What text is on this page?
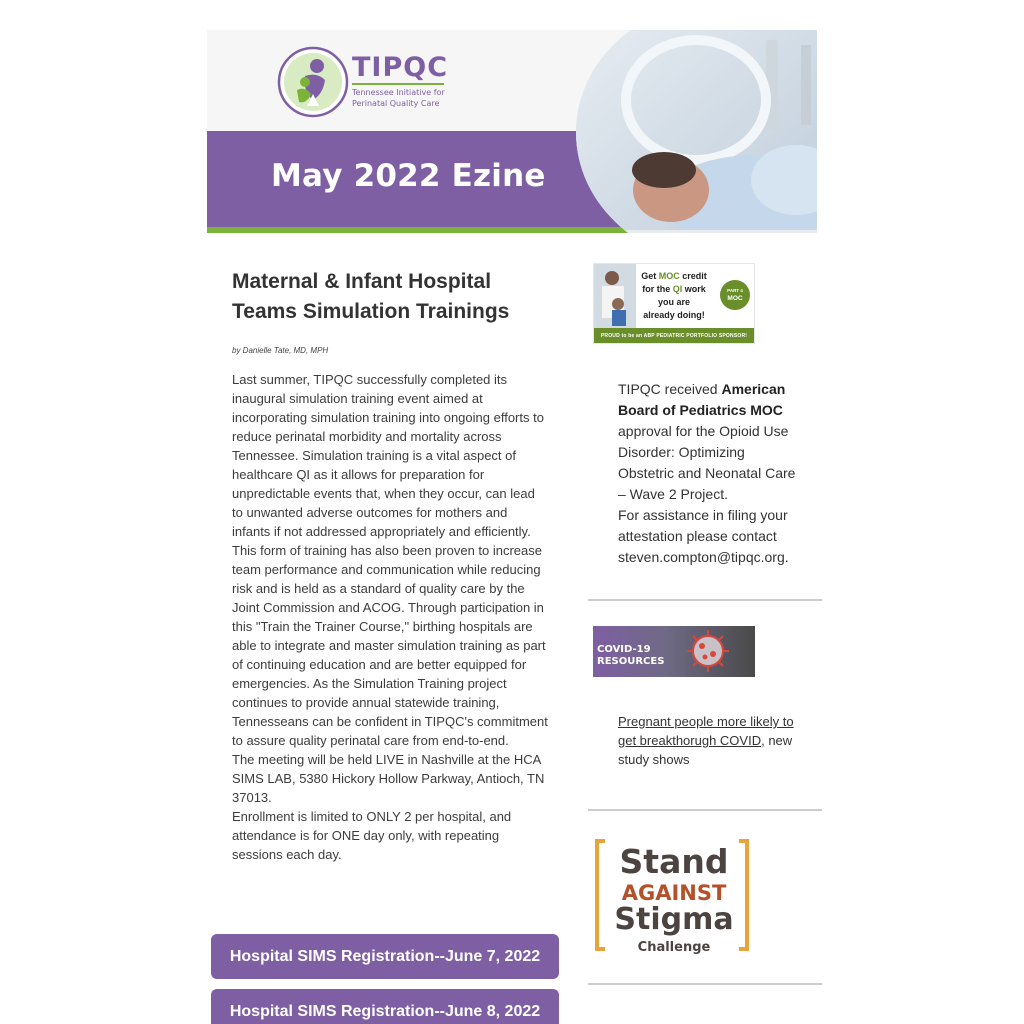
TIPQC
Tennessee Initiative for Perinatal Quality Care
May 2022 Ezine
Maternal & Infant Hospital Teams Simulation Trainings
by Danielle Tate, MD, MPH

Last summer, TIPQC successfully completed its inaugural simulation training event aimed at incorporating simulation training into ongoing efforts to reduce perinatal morbidity and mortality across Tennessee. Simulation training is a vital aspect of healthcare QI as it allows for preparation for unpredictable events that, when they occur, can lead to unwanted adverse outcomes for mothers and infants if not addressed appropriately and efficiently. This form of training has also been proven to increase team performance and communication while reducing risk and is held as a standard of quality care by the Joint Commission and ACOG. Through participation in this "Train the Trainer Course," birthing hospitals are able to integrate and master simulation training as part of continuing education and are better equipped for emergencies. As the Simulation Training project continues to provide annual statewide training, Tennesseans can be confident in TIPQC's commitment to assure quality perinatal care from end-to-end.

The meeting will be held LIVE in Nashville at the HCA SIMS LAB, 5380 Hickory Hollow Parkway, Antioch, TN 37013.

Enrollment is limited to ONLY 2 per hospital, and attendance is for ONE day only, with repeating sessions each day.

Hospital SIMS Registration--June 7, 2022
Hospital SIMS Registration--June 8, 2022
Get MOC credit
for the QI work
you are
already doing!
PART 4
MOC
PROUD to be an ABP PEDIATRIC PORTFOLIO SPONSOR!
TIPQC received American Board of Pediatrics MOC approval for the Opioid Use Disorder: Optimizing Obstetric and Neonatal Care – Wave 2 Project.
For assistance in filing your attestation please contact steven.compton@tipqc.org.
COVID-19
RESOURCES
Pregnant people more likely to get breakthorugh COVID, new study shows
Stand
AGAINST
Stigma
Challenge
